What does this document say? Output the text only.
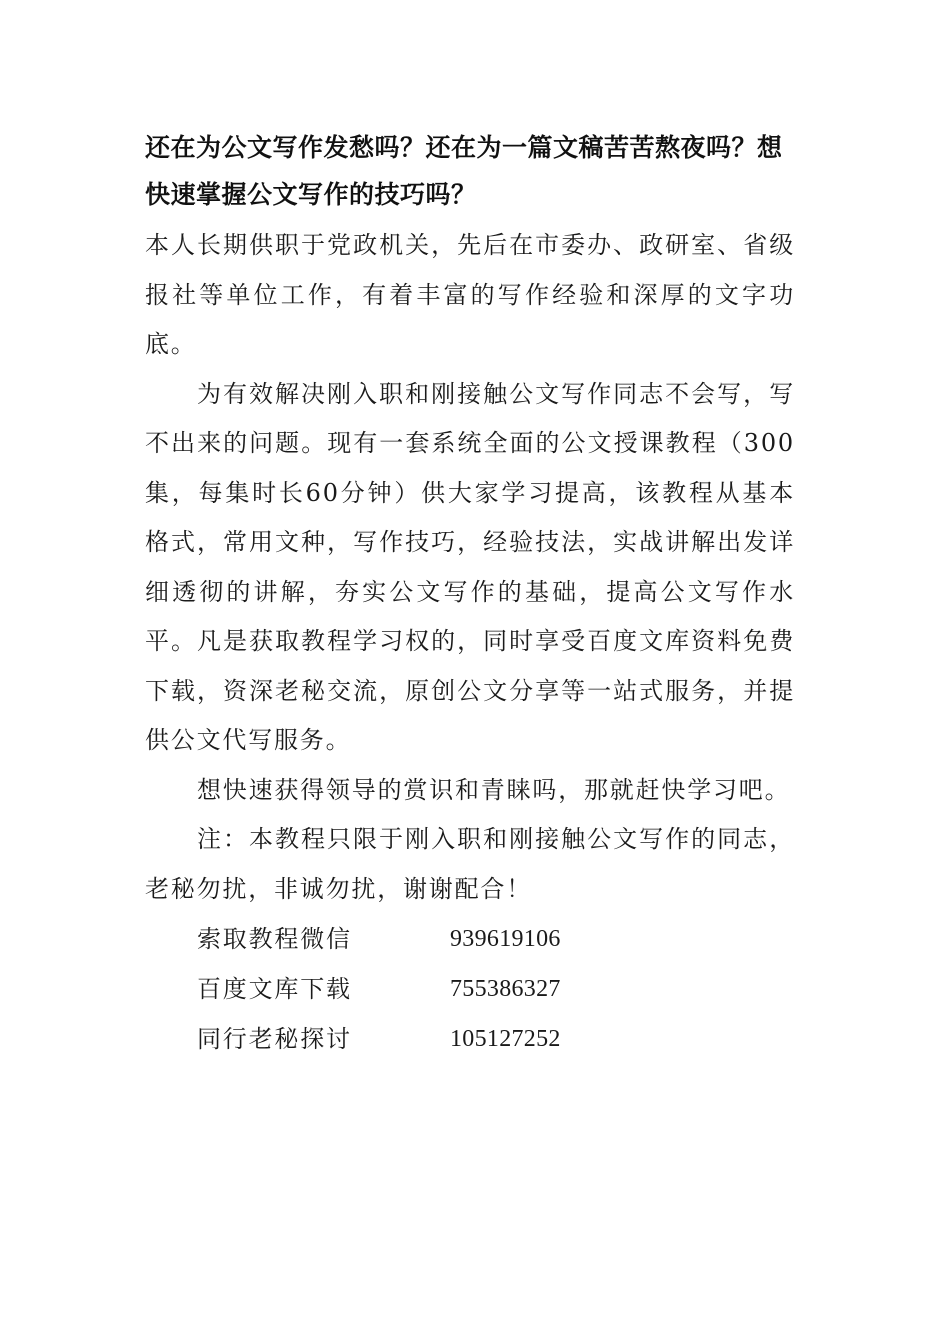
还在为公文写作发愁吗？还在为一篇文稿苦苦熬夜吗？想快速掌握公文写作的技巧吗？

本人长期供职于党政机关，先后在市委办、政研室、省级报社等单位工作，有着丰富的写作经验和深厚的文字功底。

为有效解决刚入职和刚接触公文写作同志不会写，写不出来的问题。现有一套系统全面的公文授课教程（300集，每集时长60分钟）供大家学习提高，该教程从基本格式，常用文种，写作技巧，经验技法，实战讲解出发详细透彻的讲解，夯实公文写作的基础，提高公文写作水平。凡是获取教程学习权的，同时享受百度文库资料免费下载，资深老秘交流，原创公文分享等一站式服务，并提供公文代写服务。

想快速获得领导的赏识和青睐吗，那就赶快学习吧。

注：本教程只限于刚入职和刚接触公文写作的同志，老秘勿扰，非诚勿扰，谢谢配合！

索取教程微信	939619106
百度文库下载	755386327
同行老秘探讨	105127252
